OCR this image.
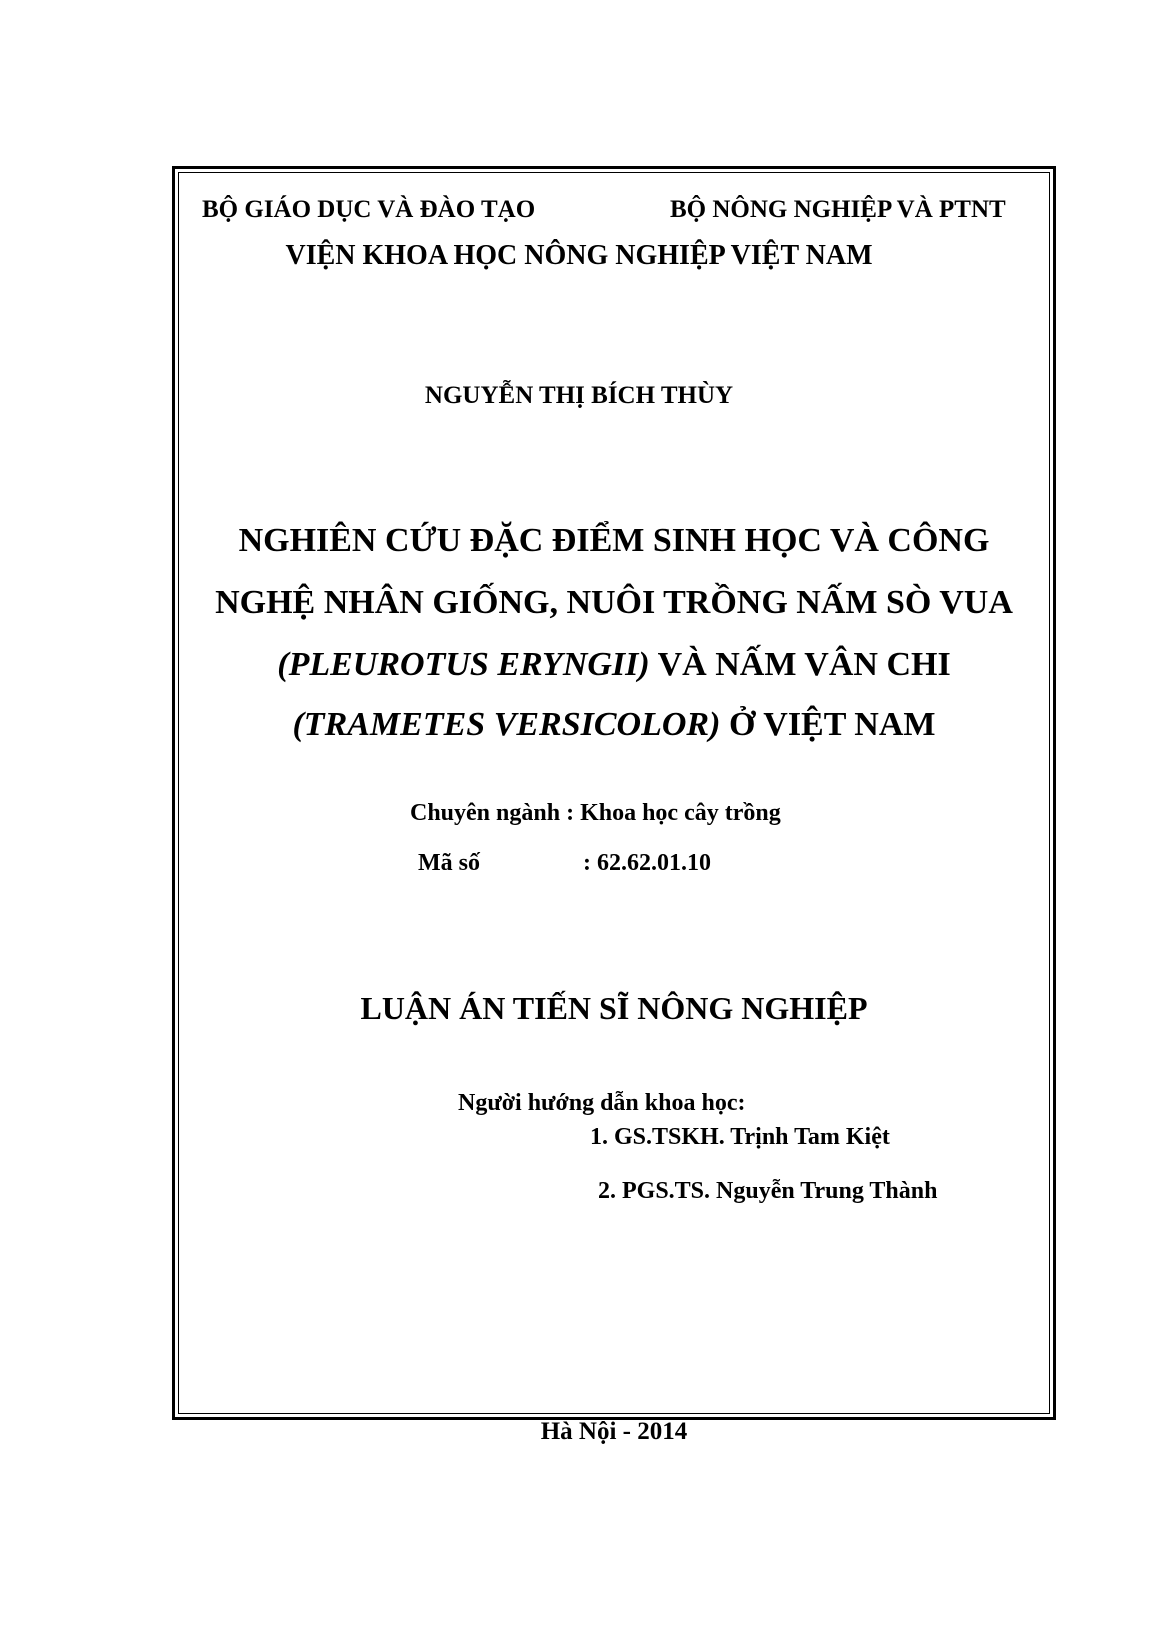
BỘ GIÁO DỤC VÀ ĐÀO TẠO	BỘ NÔNG NGHIỆP VÀ PTNT
VIỆN KHOA HỌC NÔNG NGHIỆP VIỆT NAM
NGUYỄN THỊ BÍCH THÙY
NGHIÊN CỨU ĐẶC ĐIỂM SINH HỌC VÀ CÔNG
NGHỆ NHÂN GIỐNG, NUÔI TRỒNG NẤM SÒ VUA
(PLEUROTUS ERYNGII) VÀ NẤM VÂN CHI
(TRAMETES VERSICOLOR) Ở VIỆT NAM
Chuyên ngành : Khoa học cây trồng
Mã số	: 62.62.01.10
LUẬN ÁN TIẾN SĨ NÔNG NGHIỆP
Người hướng dẫn khoa học:
1. GS.TSKH. Trịnh Tam Kiệt
2. PGS.TS. Nguyễn Trung Thành
Hà Nội - 2014
